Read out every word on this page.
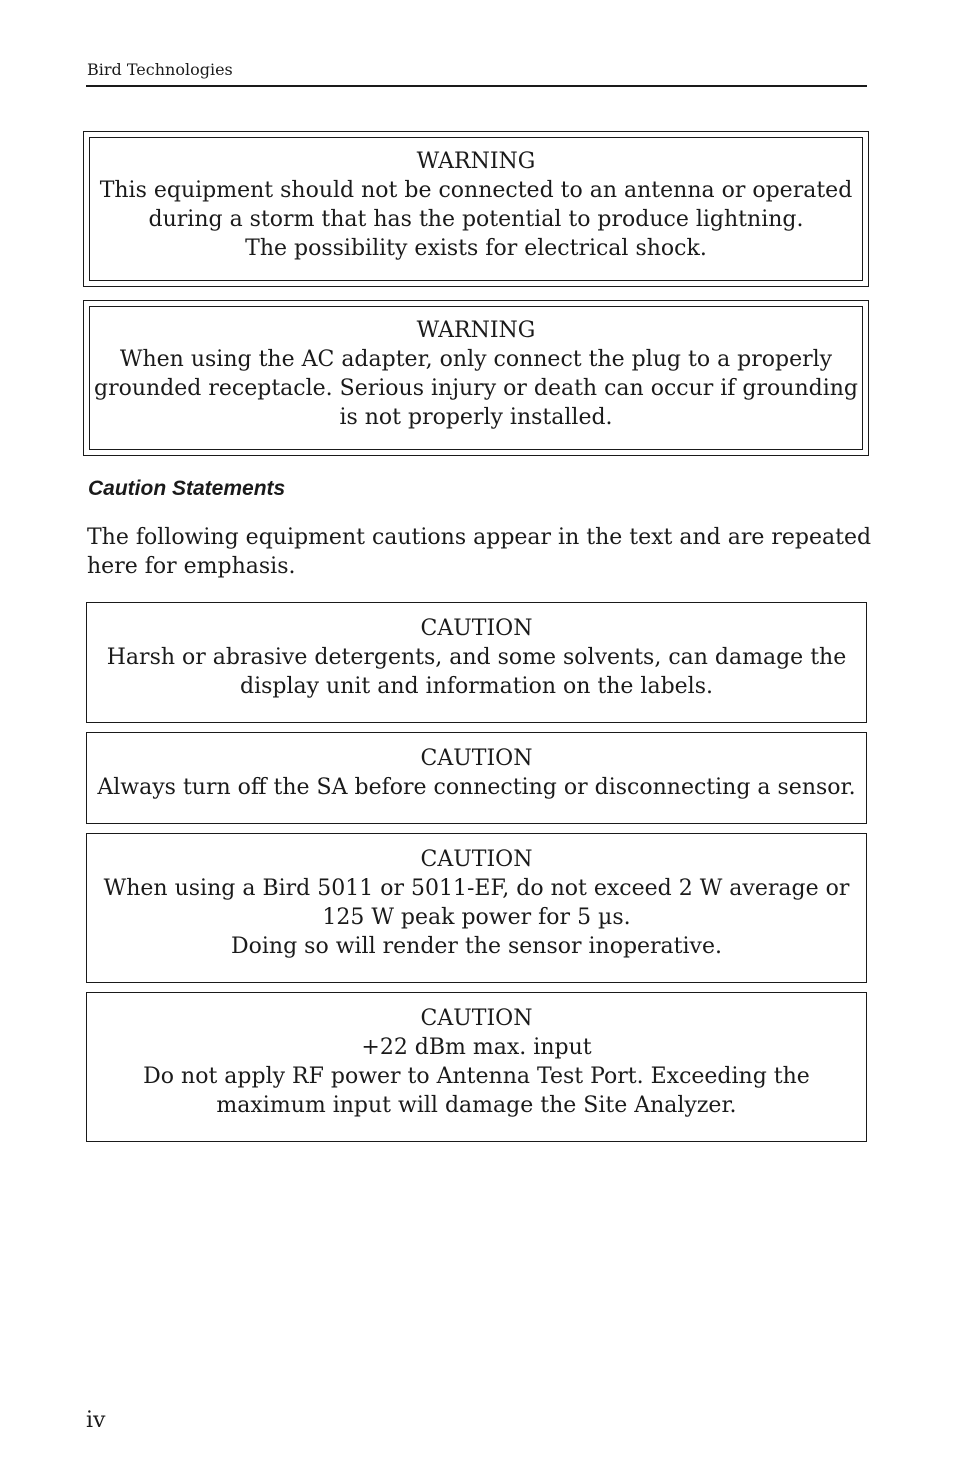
Bird Technologies
WARNING
This equipment should not be connected to an antenna or operated
during a storm that has the potential to produce lightning.
The possibility exists for electrical shock.
WARNING
When using the AC adapter, only connect the plug to a properly
grounded receptacle. Serious injury or death can occur if grounding
is not properly installed.
Caution Statements
The following equipment cautions appear in the text and are repeated here for emphasis.
CAUTION
Harsh or abrasive detergents, and some solvents, can damage the
display unit and information on the labels.
CAUTION
Always turn off the SA before connecting or disconnecting a sensor.
CAUTION
When using a Bird 5011 or 5011-EF, do not exceed 2 W average or
125 W peak power for 5 µs.
Doing so will render the sensor inoperative.
CAUTION
+22 dBm max. input
Do not apply RF power to Antenna Test Port. Exceeding the
maximum input will damage the Site Analyzer.
iv
